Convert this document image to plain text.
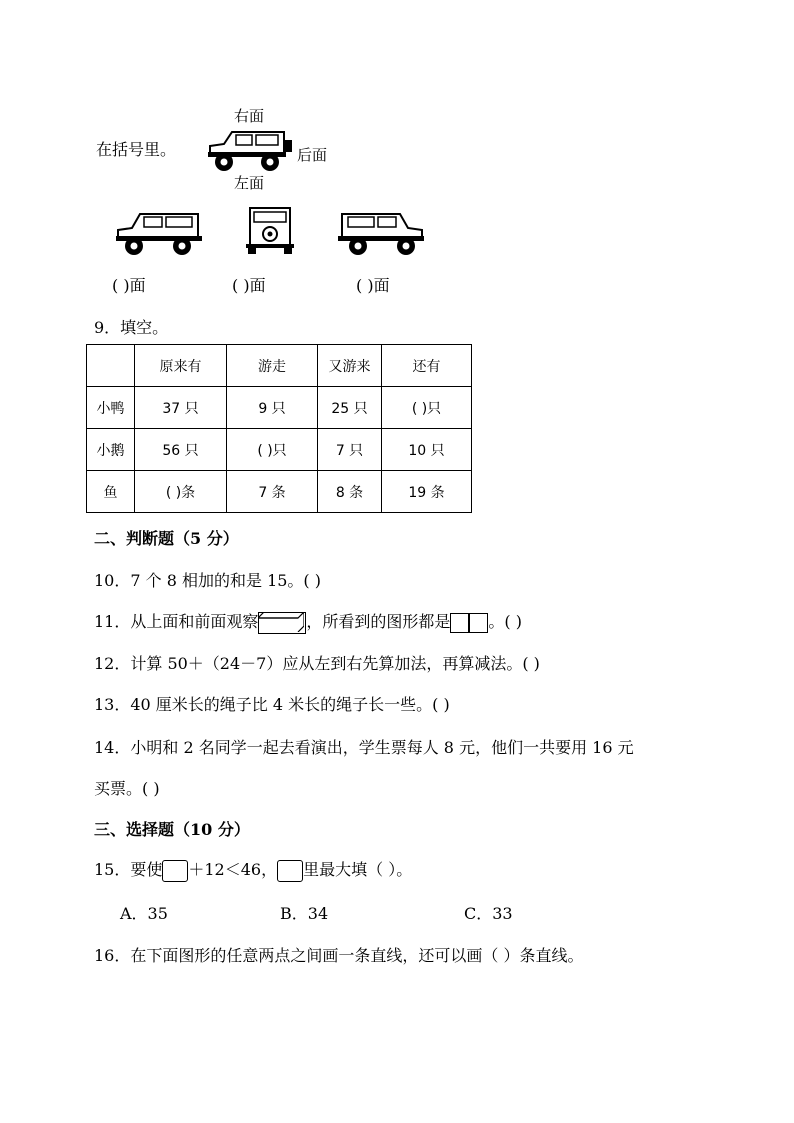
在括号里。
右面
后面
左面
( )面	( )面	( )面
9．填空。
	原来有	游走	又游来	还有
小鸭	37 只	9 只	25 只	( )只
小鹅	56 只	( )只	7 只	10 只
鱼	( )条	7 条	8 条	19 条
二、判断题（5 分）
10．7 个 8 相加的和是 15。( )
11．从上面和前面观察	，所看到的图形都是 。( )
12．计算 50＋（24－7）应从左到右先算加法，再算减法。( )
13．40 厘米长的绳子比 4 米长的绳子长一些。( )
14．小明和 2 名同学一起去看演出，学生票每人 8 元，他们一共要用 16 元
买票。( )
三、选择题（10 分）
15．要使 ＋12＜46， 里最大填（ ）。
A．35	B．34	C．33
16．在下面图形的任意两点之间画一条直线，还可以画（ ）条直线。
